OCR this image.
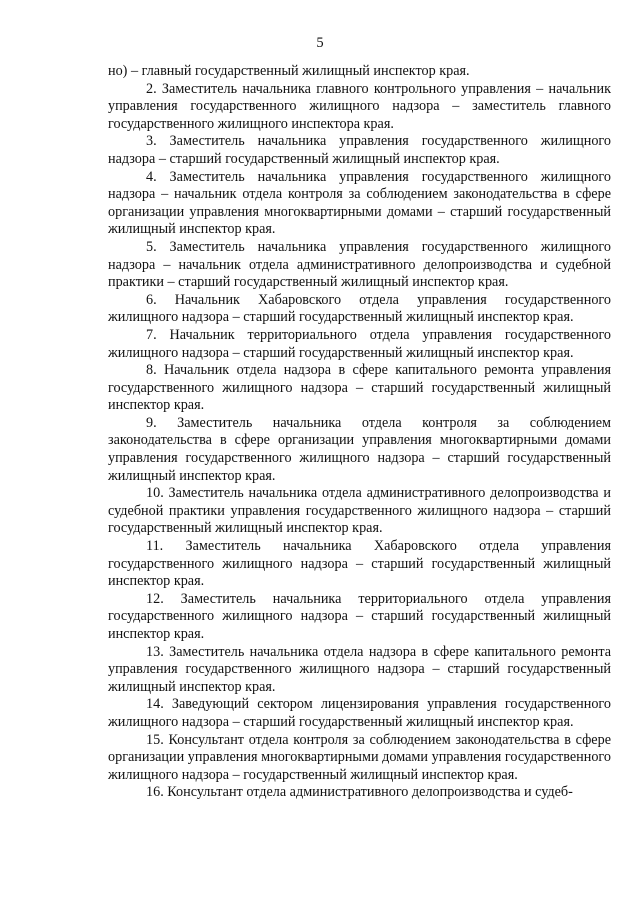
5

но) – главный государственный жилищный инспектор края.

2. Заместитель начальника главного контрольного управления – начальник управления государственного жилищного надзора – заместитель главного государственного жилищного инспектора края.

3. Заместитель начальника управления государственного жилищного надзора – старший государственный жилищный инспектор края.

4. Заместитель начальника управления государственного жилищного надзора – начальник отдела контроля за соблюдением законодательства в сфере организации управления многоквартирными домами – старший государственный жилищный инспектор края.

5. Заместитель начальника управления государственного жилищного надзора – начальник отдела административного делопроизводства и судебной практики – старший государственный жилищный инспектор края.

6. Начальник Хабаровского отдела управления государственного жилищного надзора – старший государственный жилищный инспектор края.

7. Начальник территориального отдела управления государственного жилищного надзора – старший государственный жилищный инспектор края.

8. Начальник отдела надзора в сфере капитального ремонта управления государственного жилищного надзора – старший государственный жилищный инспектор края.

9. Заместитель начальника отдела контроля за соблюдением законодательства в сфере организации управления многоквартирными домами управления государственного жилищного надзора – старший государственный жилищный инспектор края.

10. Заместитель начальника отдела административного делопроизводства и судебной практики управления государственного жилищного надзора – старший государственный жилищный инспектор края.

11. Заместитель начальника Хабаровского отдела управления государственного жилищного надзора – старший государственный жилищный инспектор края.

12. Заместитель начальника территориального отдела управления государственного жилищного надзора – старший государственный жилищный инспектор края.

13. Заместитель начальника отдела надзора в сфере капитального ремонта управления государственного жилищного надзора – старший государственный жилищный инспектор края.

14. Заведующий сектором лицензирования управления государственного жилищного надзора – старший государственный жилищный инспектор края.

15. Консультант отдела контроля за соблюдением законодательства в сфере организации управления многоквартирными домами управления государственного жилищного надзора – государственный жилищный инспектор края.

16. Консультант отдела административного делопроизводства и судеб-
